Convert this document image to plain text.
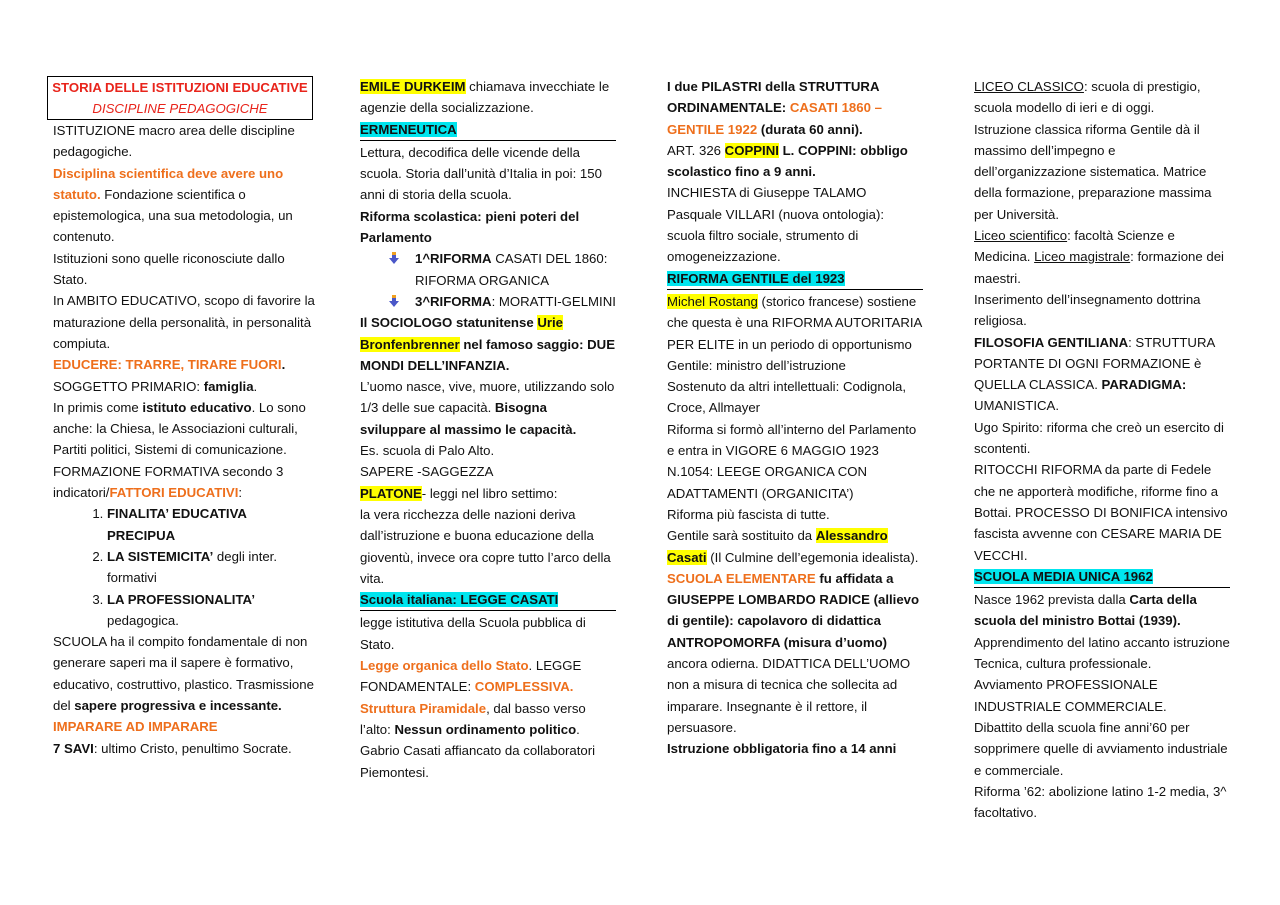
STORIA DELLE ISTITUZIONI EDUCATIVE
DISCIPLINE PEDAGOGICHE

ISTITUZIONE macro area delle discipline pedagogiche.

Disciplina scientifica deve avere uno statuto. Fondazione scientifica o epistemologica, una sua metodologia, un contenuto.

Istituzioni sono quelle riconosciute dallo Stato.

In AMBITO EDUCATIVO, scopo di favorire la maturazione della personalità, in personalità compiuta.

EDUCERE: TRARRE, TIRARE FUORI.

SOGGETTO PRIMARIO: famiglia.

In primis come istituto educativo. Lo sono anche: la Chiesa, le Associazioni culturali, Partiti politici, Sistemi di comunicazione.

FORMAZIONE FORMATIVA secondo 3 indicatori/FATTORI EDUCATIVI:

1. FINALITA’ EDUCATIVA PRECIPUA
2. LA SISTEMICITA’ degli inter. formativi
3. LA PROFESSIONALITA’ pedagogica.

SCUOLA ha il compito fondamentale di non generare saperi ma il sapere è formativo, educativo, costruttivo, plastico. Trasmissione del sapere progressiva e incessante.

IMPARARE AD IMPARARE

7 SAVI: ultimo Cristo, penultimo Socrate.

EMILE DURKEIM chiamava invecchiate le agenzie della socializzazione.

ERMENEUTICA

Lettura, decodifica delle vicende della scuola. Storia dall’unità d’Italia in poi: 150 anni di storia della scuola.

Riforma scolastica: pieni poteri del Parlamento

1^RIFORMA CASATI DEL 1860: RIFORMA ORGANICA
3^RIFORMA: MORATTI-GELMINI

Il SOCIOLOGO statunitense Urie Bronfenbrenner nel famoso saggio: DUE MONDI DELL’INFANZIA.

L’uomo nasce, vive, muore, utilizzando solo 1/3 delle sue capacità. Bisogna sviluppare al massimo le capacità.

Es. scuola di Palo Alto.

SAPERE -SAGGEZZA

PLATONE- leggi nel libro settimo:

la vera ricchezza delle nazioni deriva dall’istruzione e buona educazione della gioventù, invece ora copre tutto l’arco della vita.

Scuola italiana: LEGGE CASATI

legge istitutiva della Scuola pubblica di Stato.

Legge organica dello Stato. LEGGE FONDAMENTALE: COMPLESSIVA. Struttura Piramidale, dal basso verso l’alto: Nessun ordinamento politico.

Gabrio Casati affiancato da collaboratori Piemontesi.

I due PILASTRI della STRUTTURA ORDINAMENTALE: CASATI 1860 – GENTILE 1922 (durata 60 anni).

ART. 326 COPPINI L. COPPINI: obbligo scolastico fino a 9 anni.

INCHIESTA di Giuseppe TALAMO

Pasquale VILLARI (nuova ontologia): scuola filtro sociale, strumento di omogeneizzazione.

RIFORMA GENTILE del 1923

Michel Rostang (storico francese) sostiene che questa è una RIFORMA AUTORITARIA PER ELITE in un periodo di opportunismo

Gentile: ministro dell’istruzione

Sostenuto da altri intellettuali: Codignola, Croce, Allmayer

Riforma si formò all’interno del Parlamento e entra in VIGORE 6 MAGGIO 1923 N.1054: LEEGE ORGANICA CON ADATTAMENTI (ORGANICITA’)

Riforma più fascista di tutte.

Gentile sarà sostituito da Alessandro Casati (Il Culmine dell’egemonia idealista).

SCUOLA ELEMENTARE fu affidata a GIUSEPPE LOMBARDO RADICE (allievo di gentile): capolavoro di didattica ANTROPOMORFA (misura d’uomo) ancora odierna. DIDATTICA DELL’UOMO non a misura di tecnica che sollecita ad imparare. Insegnante è il rettore, il persuasore.

Istruzione obbligatoria fino a 14 anni

LICEO CLASSICO: scuola di prestigio, scuola modello di ieri e di oggi.

Istruzione classica riforma Gentile dà il massimo dell’impegno e dell’organizzazione sistematica. Matrice della formazione, preparazione massima per Università.

Liceo scientifico: facoltà Scienze e Medicina. Liceo magistrale: formazione dei maestri.

Inserimento dell’insegnamento dottrina religiosa.

FILOSOFIA GENTILIANA: STRUTTURA PORTANTE DI OGNI FORMAZIONE è QUELLA CLASSICA. PARADIGMA: UMANISTICA.

Ugo Spirito: riforma che creò un esercito di scontenti.

RITOCCHI RIFORMA da parte di Fedele che ne apporterà modifiche, riforme fino a Bottai. PROCESSO DI BONIFICA intensivo fascista avvenne con CESARE MARIA DE VECCHI.

SCUOLA MEDIA UNICA 1962

Nasce 1962 prevista dalla Carta della scuola del ministro Bottai (1939).

Apprendimento del latino accanto istruzione Tecnica, cultura professionale.

Avviamento PROFESSIONALE INDUSTRIALE COMMERCIALE.

Dibattito della scuola fine anni’60 per sopprimere quelle di avviamento industriale e commerciale.

Riforma ’62: abolizione latino 1-2 media, 3^ facoltativo.
